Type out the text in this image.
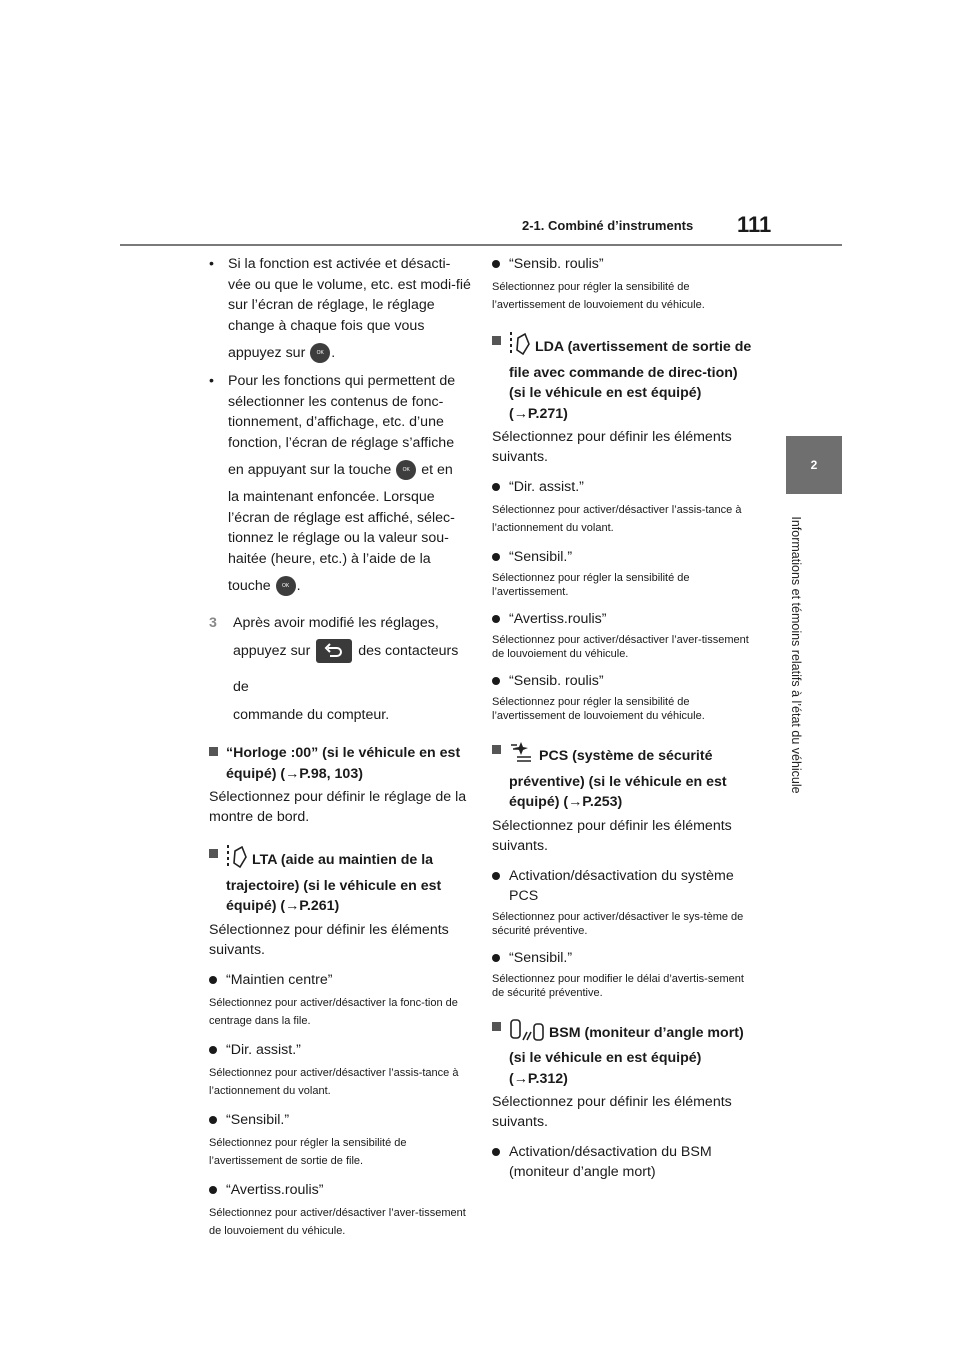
2-1. Combiné d’instruments 111
2
Informations et témoins relatifs à l’état du véhicule
• Si la fonction est activée et désacti-vée ou que le volume, etc. est modi-fié sur l’écran de réglage, le réglage change à chaque fois que vous
appuyez sur OK .
• Pour les fonctions qui permettent de sélectionner les contenus de fonc-tionnement, d’affichage, etc. d’une fonction, l’écran de réglage s’affiche
en appuyant sur la touche OK et en
la maintenant enfoncée. Lorsque l’écran de réglage est affiché, sélec-tionnez le réglage ou la valeur sou-haitée (heure, etc.) à l’aide de la
touche OK .
3 Après avoir modifié les réglages,
appuyez sur	des contacteurs de
commande du compteur.
“Horloge :00” (si le véhicule en est équipé) (→P.98, 103)
Sélectionnez pour définir le réglage de la montre de bord.
LTA (aide au maintien de la trajectoire) (si le véhicule en est équipé) (→P.261)
Sélectionnez pour définir les éléments suivants.
“Maintien centre”
Sélectionnez pour activer/désactiver la fonc-tion de centrage dans la file.
“Dir. assist.”
Sélectionnez pour activer/désactiver l’assis-tance à l’actionnement du volant.
“Sensibil.”
Sélectionnez pour régler la sensibilité de l’avertissement de sortie de file.
“Avertiss.roulis”
Sélectionnez pour activer/désactiver l’aver-tissement de louvoiement du véhicule.
“Sensib. roulis”
Sélectionnez pour régler la sensibilité de l’avertissement de louvoiement du véhicule.
LDA (avertissement de sortie de file avec commande de direc-tion) (si le véhicule en est équipé) (→P.271)
Sélectionnez pour définir les éléments suivants.
“Dir. assist.”
Sélectionnez pour activer/désactiver l’assis-tance à l’actionnement du volant.
“Sensibil.”
Sélectionnez pour régler la sensibilité de l’avertissement.
“Avertiss.roulis”
Sélectionnez pour activer/désactiver l’aver-tissement de louvoiement du véhicule.
“Sensib. roulis”
Sélectionnez pour régler la sensibilité de l’avertissement de louvoiement du véhicule.
PCS (système de sécurité préventive) (si le véhicule en est équipé) (→P.253)
Sélectionnez pour définir les éléments suivants.
Activation/désactivation du système PCS
Sélectionnez pour activer/désactiver le sys-tème de sécurité préventive.
“Sensibil.”
Sélectionnez pour modifier le délai d’avertis-sement de sécurité préventive.
BSM (moniteur d’angle mort) (si le véhicule en est équipé) (→P.312)
Sélectionnez pour définir les éléments suivants.
Activation/désactivation du BSM (moniteur d’angle mort)
